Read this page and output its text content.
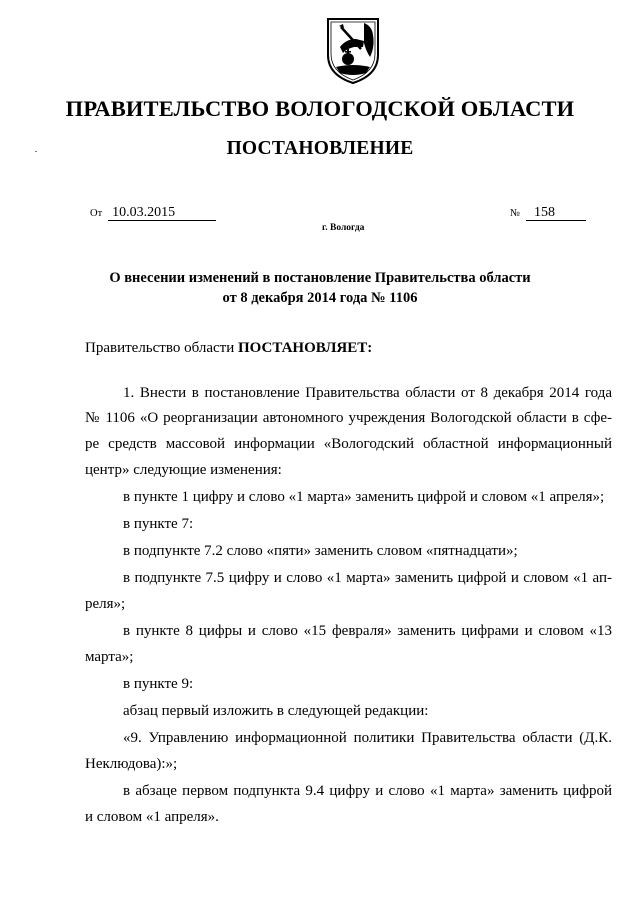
ПРАВИТЕЛЬСТВО ВОЛОГОДСКОЙ ОБЛАСТИ
ПОСТАНОВЛЕНИЕ
От 10.03.2015	№ 158
г. Вологда
О внесении изменений в постановление Правительства области
от 8 декабря 2014 года № 1106
Правительство области ПОСТАНОВЛЯЕТ:
1. Внести в постановление Правительства области от 8 декабря 2014 года
№ 1106 «О реорганизации автономного учреждения Вологодской области в сфе-
ре средств массовой информации «Вологодский областной информационный
центр» следующие изменения:
в пункте 1 цифру и слово «1 марта» заменить цифрой и словом «1 апреля»;
в пункте 7:
в подпункте 7.2 слово «пяти» заменить словом «пятнадцати»;
в подпункте 7.5 цифру и слово «1 марта» заменить цифрой и словом «1 ап-
реля»;
в пункте 8 цифры и слово «15 февраля» заменить цифрами и словом «13
марта»;
в пункте 9:
абзац первый изложить в следующей редакции:
«9. Управлению информационной политики Правительства области (Д.К.
Неклюдова):»;
в абзаце первом подпункта 9.4 цифру и слово «1 марта» заменить цифрой
и словом «1 апреля».
